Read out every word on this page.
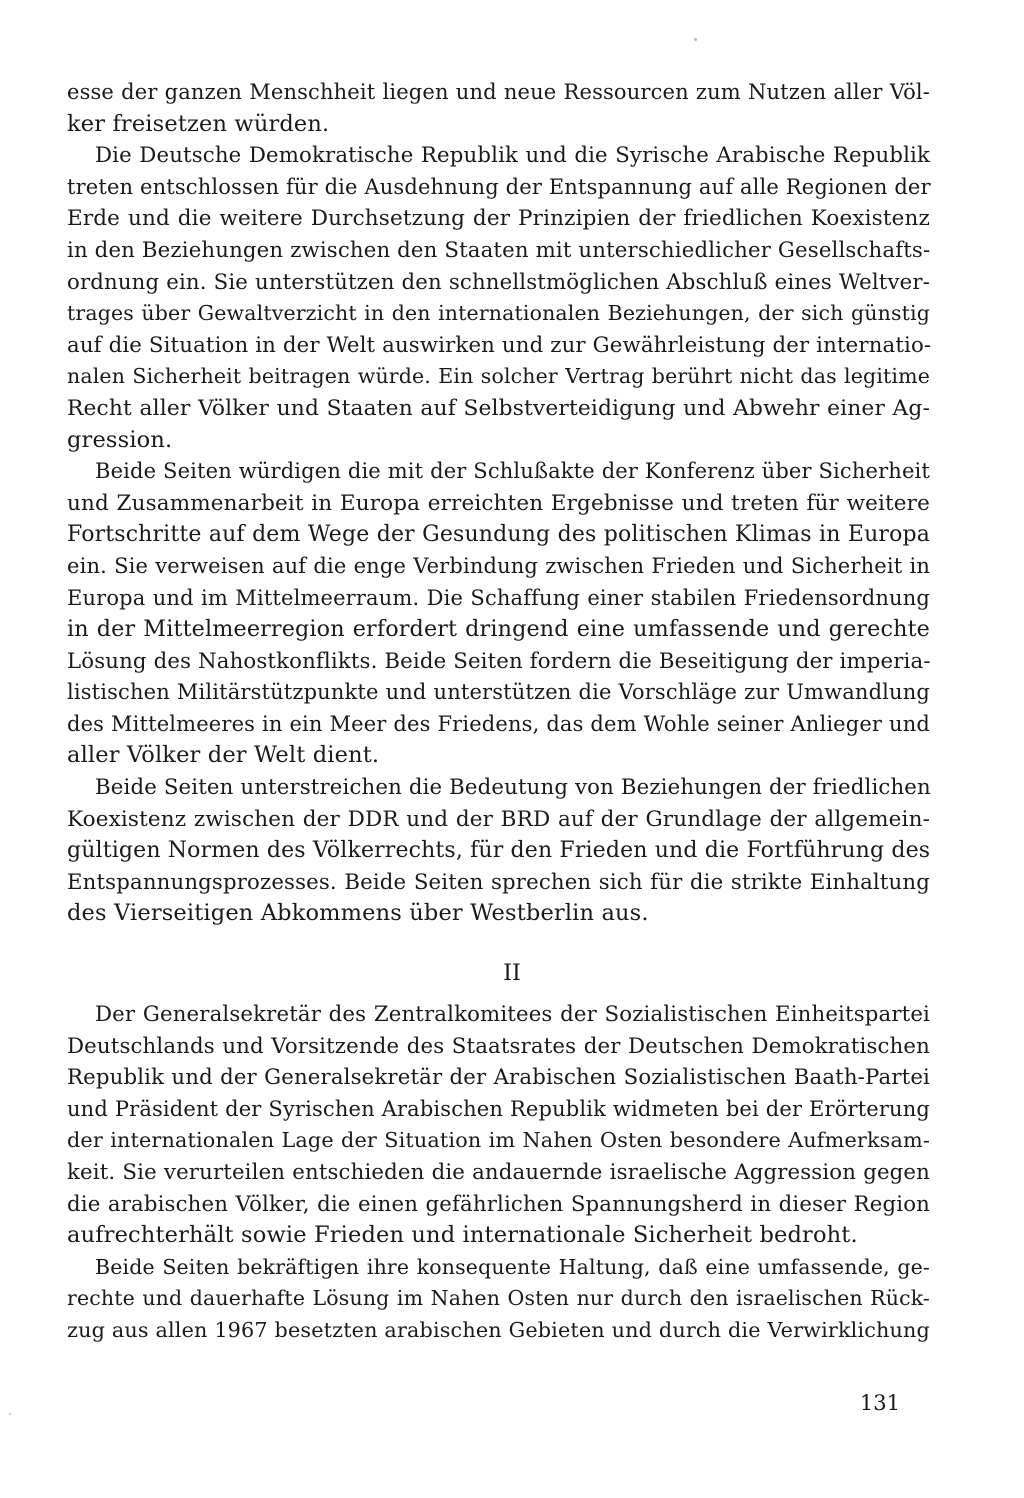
esse der ganzen Menschheit liegen und neue Ressourcen zum Nutzen aller Völ-
ker freisetzen würden.
Die Deutsche Demokratische Republik und die Syrische Arabische Republik
treten entschlossen für die Ausdehnung der Entspannung auf alle Regionen der
Erde und die weitere Durchsetzung der Prinzipien der friedlichen Koexistenz
in den Beziehungen zwischen den Staaten mit unterschiedlicher Gesellschafts-
ordnung ein. Sie unterstützen den schnellstmöglichen Abschluß eines Weltver-
trages über Gewaltverzicht in den internationalen Beziehungen, der sich günstig
auf die Situation in der Welt auswirken und zur Gewährleistung der internatio-
nalen Sicherheit beitragen würde. Ein solcher Vertrag berührt nicht das legitime
Recht aller Völker und Staaten auf Selbstverteidigung und Abwehr einer Ag-
gression.
Beide Seiten würdigen die mit der Schlußakte der Konferenz über Sicherheit
und Zusammenarbeit in Europa erreichten Ergebnisse und treten für weitere
Fortschritte auf dem Wege der Gesundung des politischen Klimas in Europa
ein. Sie verweisen auf die enge Verbindung zwischen Frieden und Sicherheit in
Europa und im Mittelmeerraum. Die Schaffung einer stabilen Friedensordnung
in der Mittelmeerregion erfordert dringend eine umfassende und gerechte
Lösung des Nahostkonflikts. Beide Seiten fordern die Beseitigung der imperia-
listischen Militärstützpunkte und unterstützen die Vorschläge zur Umwandlung
des Mittelmeeres in ein Meer des Friedens, das dem Wohle seiner Anlieger und
aller Völker der Welt dient.
Beide Seiten unterstreichen die Bedeutung von Beziehungen der friedlichen
Koexistenz zwischen der DDR und der BRD auf der Grundlage der allgemein-
gültigen Normen des Völkerrechts, für den Frieden und die Fortführung des
Entspannungsprozesses. Beide Seiten sprechen sich für die strikte Einhaltung
des Vierseitigen Abkommens über Westberlin aus.
II
Der Generalsekretär des Zentralkomitees der Sozialistischen Einheitspartei
Deutschlands und Vorsitzende des Staatsrates der Deutschen Demokratischen
Republik und der Generalsekretär der Arabischen Sozialistischen Baath-Partei
und Präsident der Syrischen Arabischen Republik widmeten bei der Erörterung
der internationalen Lage der Situation im Nahen Osten besondere Aufmerksam-
keit. Sie verurteilen entschieden die andauernde israelische Aggression gegen
die arabischen Völker, die einen gefährlichen Spannungsherd in dieser Region
aufrechterhält sowie Frieden und internationale Sicherheit bedroht.
Beide Seiten bekräftigen ihre konsequente Haltung, daß eine umfassende, ge-
rechte und dauerhafte Lösung im Nahen Osten nur durch den israelischen Rück-
zug aus allen 1967 besetzten arabischen Gebieten und durch die Verwirklichung
131
